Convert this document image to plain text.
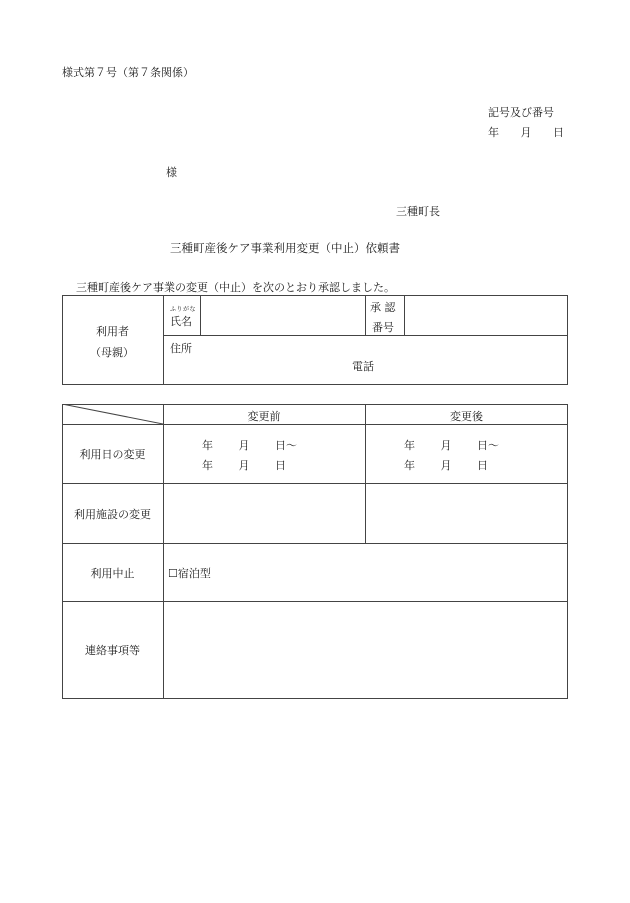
様式第７号（第７条関係）
記号及び番号
年 月 日
様
三種町長
三種町産後ケア事業利用変更（中止）依頼書
三種町産後ケア事業の変更（中止）を次のとおり承認しました。
利用者
（母親）
ふりがな
氏名
承 認
番号
住所
電話
変更前	変更後
利用日の変更
利用施設の変更
利用中止
連絡事項等
年 月 日～
年 月 日
年 月 日～
年 月 日
☐宿泊型
